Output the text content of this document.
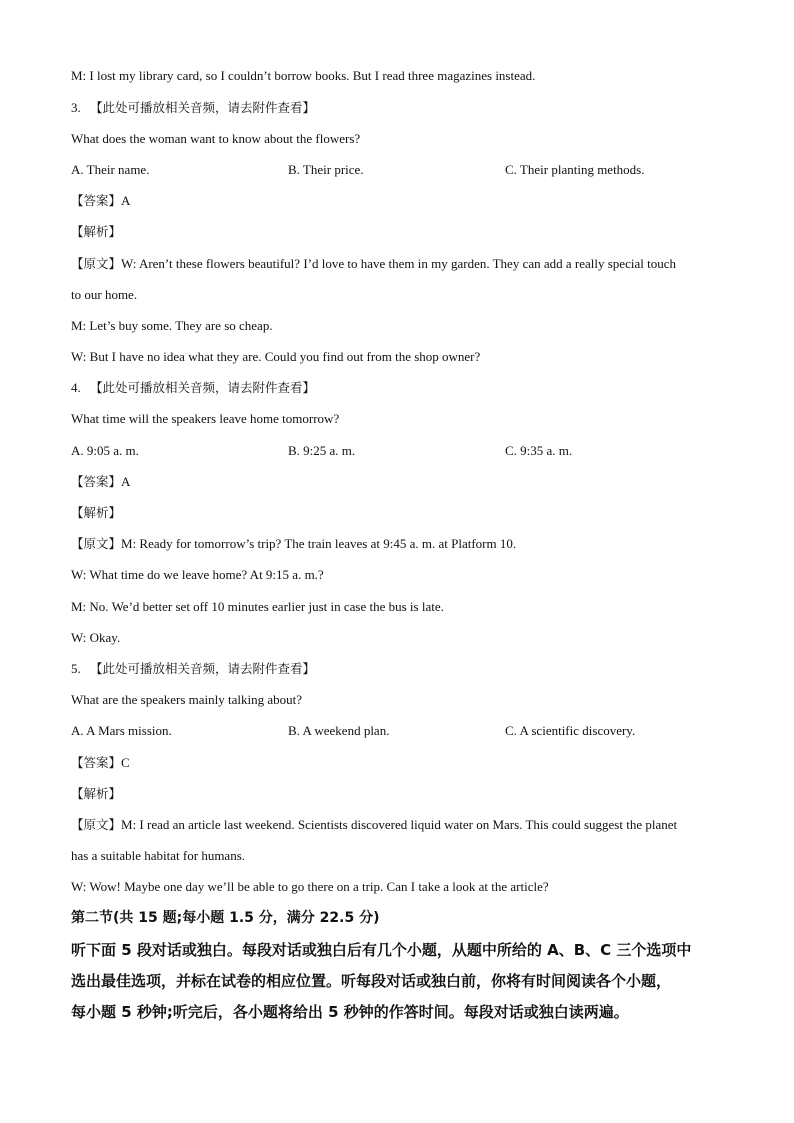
M: I lost my library card, so I couldn’t borrow books. But I read three magazines instead.
3. 【此处可播放相关音频，请去附件查看】
What does the woman want to know about the flowers?
A. Their name.	B. Their price.	C. Their planting methods.
【答案】A
【解析】
【原文】W: Aren’t these flowers beautiful? I’d love to have them in my garden. They can add a really special touch
to our home.
M: Let’s buy some. They are so cheap.
W: But I have no idea what they are. Could you find out from the shop owner?
4. 【此处可播放相关音频，请去附件查看】
What time will the speakers leave home tomorrow?
A. 9:05 a. m.	B. 9:25 a. m.	C. 9:35 a. m.
【答案】A
【解析】
【原文】M: Ready for tomorrow’s trip? The train leaves at 9:45 a. m. at Platform 10.
W: What time do we leave home? At 9:15 a. m.?
M: No. We’d better set off 10 minutes earlier just in case the bus is late.
W: Okay.
5. 【此处可播放相关音频，请去附件查看】
What are the speakers mainly talking about?
A. A Mars mission.	B. A weekend plan.	C. A scientific discovery.
【答案】C
【解析】
【原文】M: I read an article last weekend. Scientists discovered liquid water on Mars. This could suggest the planet
has a suitable habitat for humans.
W: Wow! Maybe one day we’ll be able to go there on a trip. Can I take a look at the article?
第二节(共 15 题;每小题 1.5 分，满分 22.5 分)
听下面 5 段对话或独白。每段对话或独白后有几个小题，从题中所给的 A、B、C 三个选项中
选出最佳选项，并标在试卷的相应位置。听每段对话或独白前，你将有时间阅读各个小题，
每小题 5 秒钟;听完后，各小题将给出 5 秒钟的作答时间。每段对话或独白读两遍。
